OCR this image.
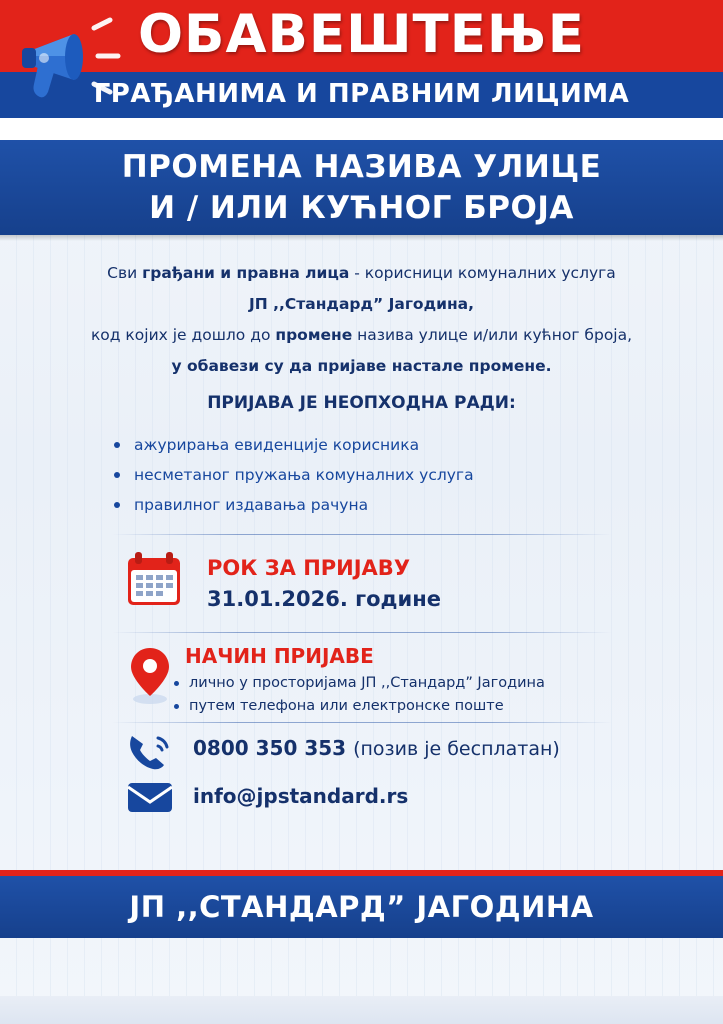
ОБАВЕШТЕЊЕ
ГРАЂАНИМА И ПРАВНИМ ЛИЦИМА
ПРОМЕНА НАЗИВА УЛИЦЕ
И / ИЛИ КУЋНОГ БРОЈА
Сви грађани и правна лица - корисници комуналних услуга
ЈП ,,Стандард” Јагодина,
код којих је дошло до промене назива улице и/или кућног броја,
у обавези су да пријаве настале промене.
ПРИЈАВА ЈЕ НЕОПХОДНА РАДИ:
ажурирања евиденције корисника
несметаног пружања комуналних услуга
правилног издавања рачуна
РОК ЗА ПРИЈАВУ
31.01.2026. године
НАЧИН ПРИЈАВЕ
лично у просторијама ЈП ,,Стандард” Јагодина
путем телефона или електронске поште
0800 350 353 (позив је бесплатан)
info@jpstandard.rs
ЈП ,,СТАНДАРД” ЈАГОДИНА
